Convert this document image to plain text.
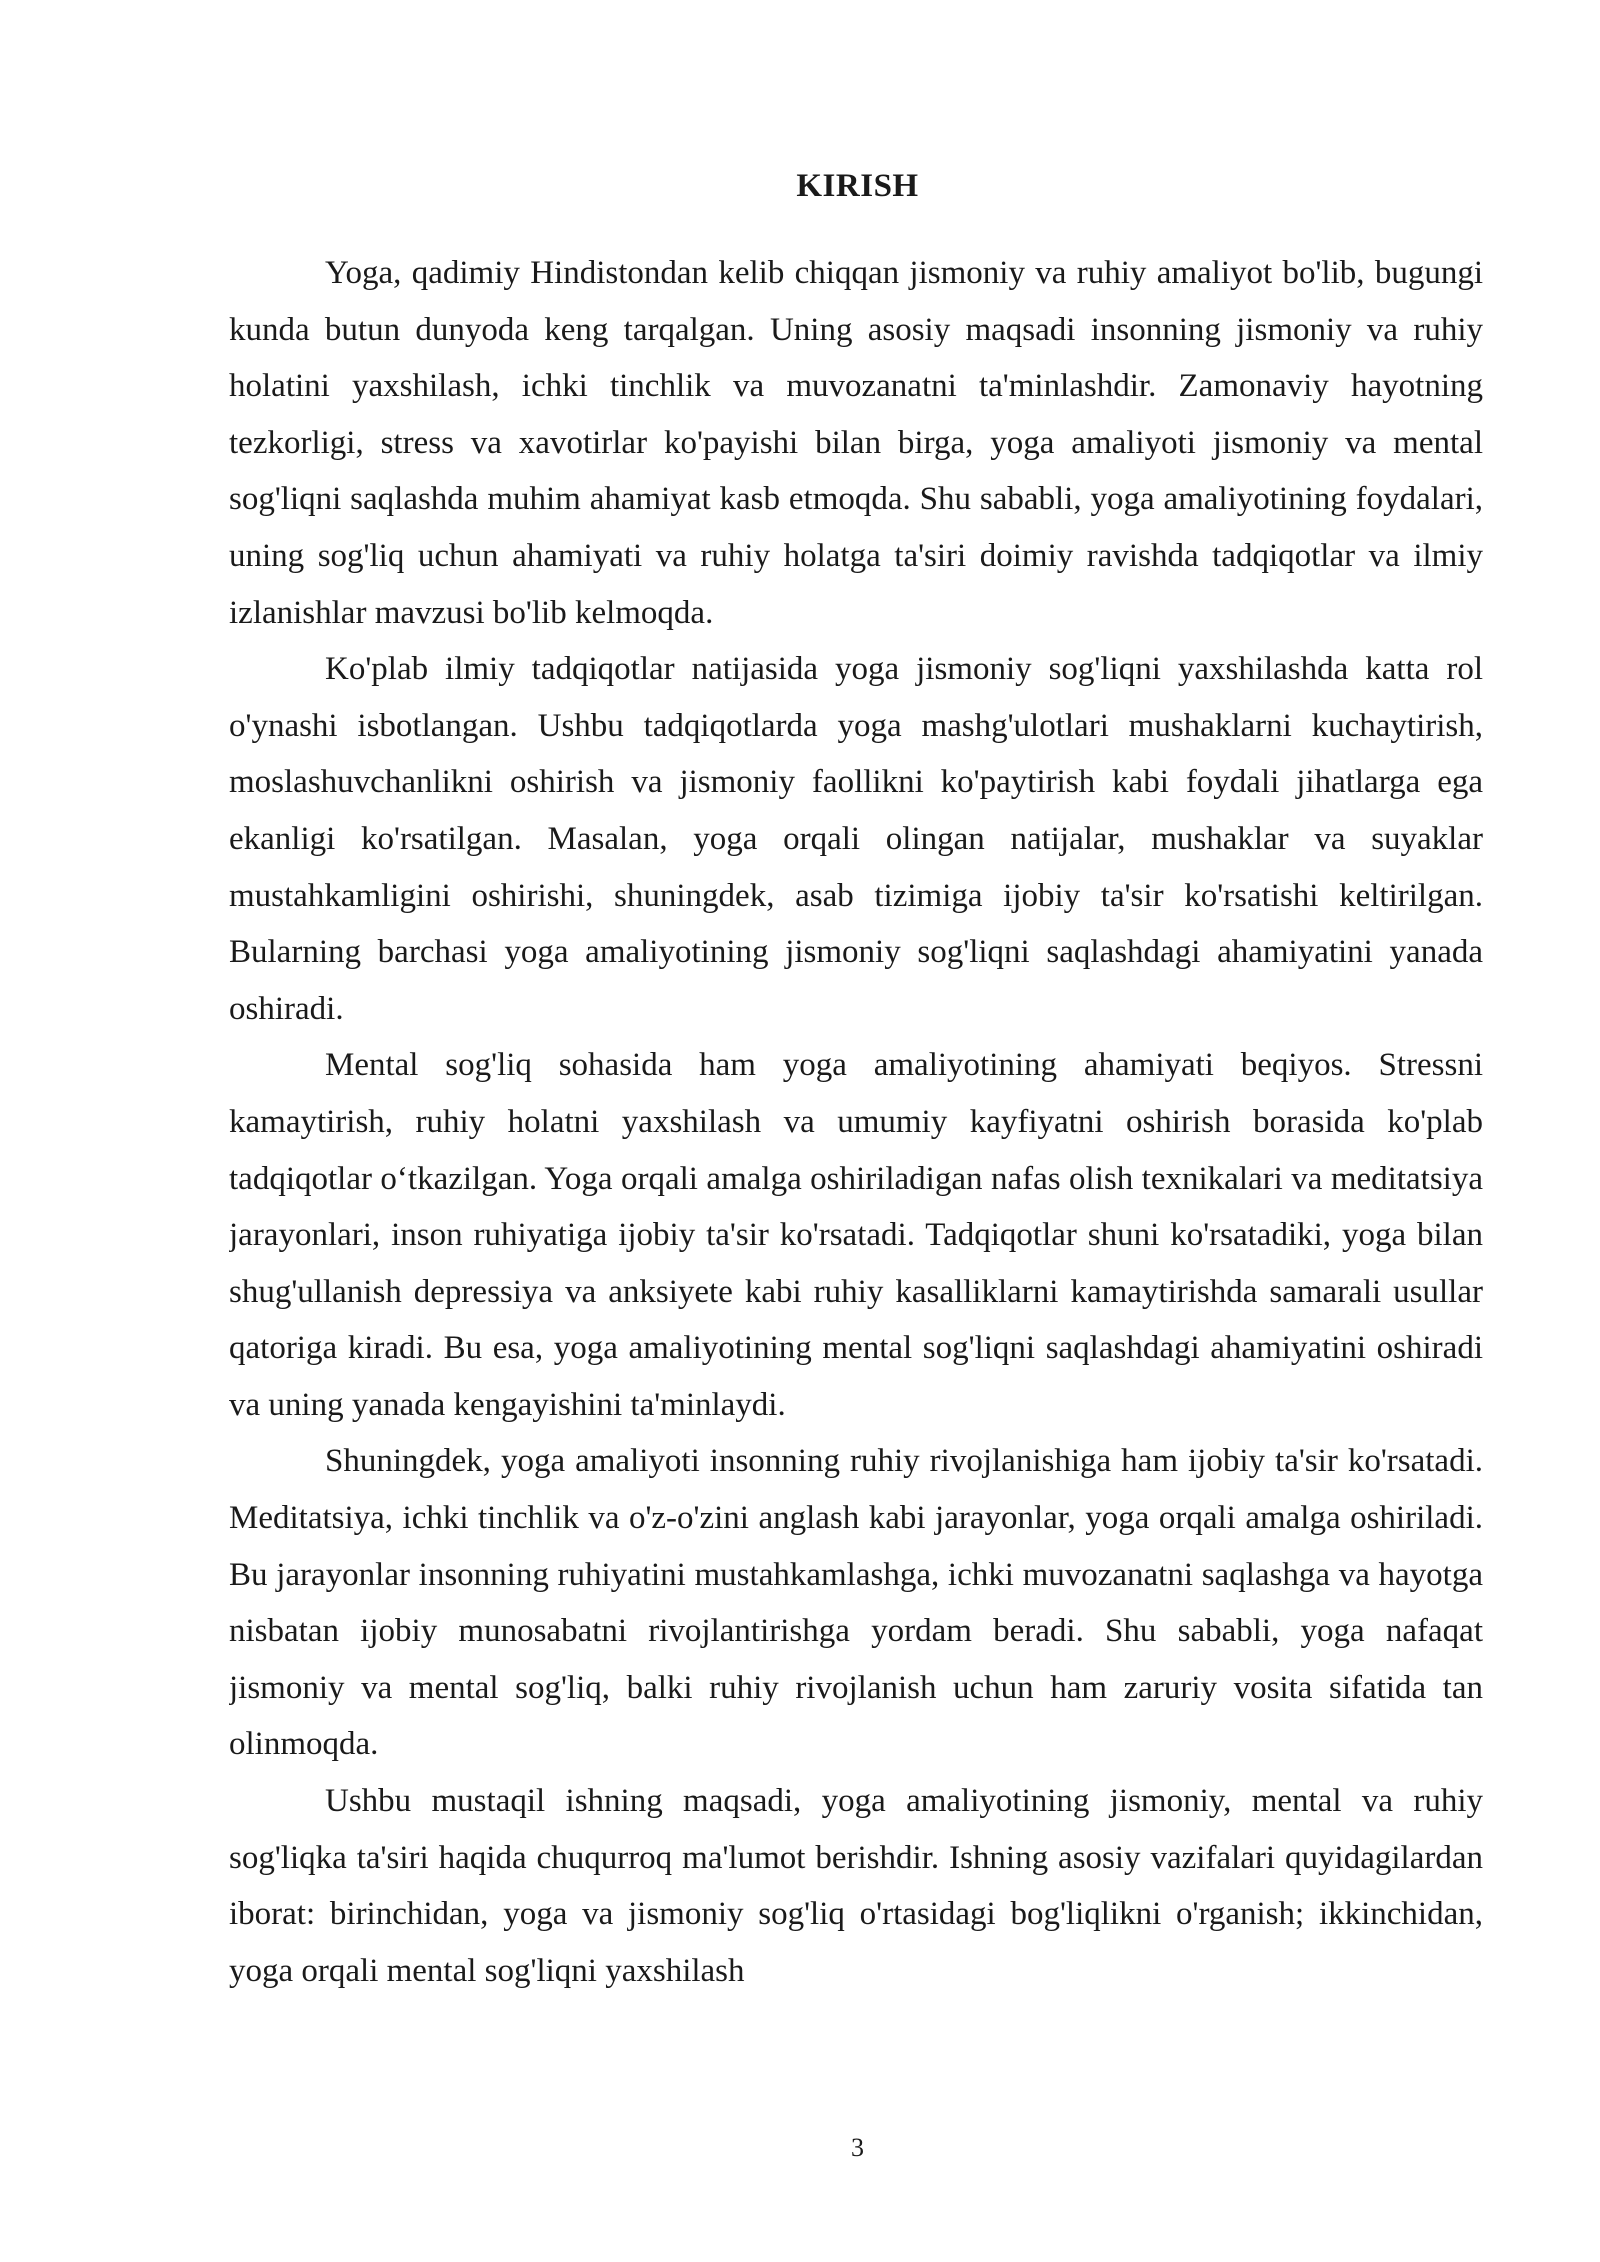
KIRISH

Yoga, qadimiy Hindistondan kelib chiqqan jismoniy va ruhiy amaliyot bo'lib, bugungi kunda butun dunyoda keng tarqalgan. Uning asosiy maqsadi insonning jismoniy va ruhiy holatini yaxshilash, ichki tinchlik va muvozanatni ta'minlashdir. Zamonaviy hayotning tezkorligi, stress va xavotirlar ko'payishi bilan birga, yoga amaliyoti jismoniy va mental sog'liqni saqlashda muhim ahamiyat kasb etmoqda. Shu sababli, yoga amaliyotining foydalari, uning sog'liq uchun ahamiyati va ruhiy holatga ta'siri doimiy ravishda tadqiqotlar va ilmiy izlanishlar mavzusi bo'lib kelmoqda.

Ko'plab ilmiy tadqiqotlar natijasida yoga jismoniy sog'liqni yaxshilashda katta rol o'ynashi isbotlangan. Ushbu tadqiqotlarda yoga mashg'ulotlari mushaklarni kuchaytirish, moslashuvchanlikni oshirish va jismoniy faollikni ko'paytirish kabi foydali jihatlarga ega ekanligi ko'rsatilgan. Masalan, yoga orqali olingan natijalar, mushaklar va suyaklar mustahkamligini oshirishi, shuningdek, asab tizimiga ijobiy ta'sir ko'rsatishi keltirilgan. Bularning barchasi yoga amaliyotining jismoniy sog'liqni saqlashdagi ahamiyatini yanada oshiradi.

Mental sog'liq sohasida ham yoga amaliyotining ahamiyati beqiyos. Stressni kamaytirish, ruhiy holatni yaxshilash va umumiy kayfiyatni oshirish borasida ko'plab tadqiqotlar o‘tkazilgan. Yoga orqali amalga oshiriladigan nafas olish texnikalari va meditatsiya jarayonlari, inson ruhiyatiga ijobiy ta'sir ko'rsatadi. Tadqiqotlar shuni ko'rsatadiki, yoga bilan shug'ullanish depressiya va anksiyete kabi ruhiy kasalliklarni kamaytirishda samarali usullar qatoriga kiradi. Bu esa, yoga amaliyotining mental sog'liqni saqlashdagi ahamiyatini oshiradi va uning yanada kengayishini ta'minlaydi.

Shuningdek, yoga amaliyoti insonning ruhiy rivojlanishiga ham ijobiy ta'sir ko'rsatadi. Meditatsiya, ichki tinchlik va o'z-o'zini anglash kabi jarayonlar, yoga orqali amalga oshiriladi. Bu jarayonlar insonning ruhiyatini mustahkamlashga, ichki muvozanatni saqlashga va hayotga nisbatan ijobiy munosabatni rivojlantirishga yordam beradi. Shu sababli, yoga nafaqat jismoniy va mental sog'liq, balki ruhiy rivojlanish uchun ham zaruriy vosita sifatida tan olinmoqda.

Ushbu mustaqil ishning maqsadi, yoga amaliyotining jismoniy, mental va ruhiy sog'liqka ta'siri haqida chuqurroq ma'lumot berishdir. Ishning asosiy vazifalari quyidagilardan iborat: birinchidan, yoga va jismoniy sog'liq o'rtasidagi bog'liqlikni o'rganish; ikkinchidan, yoga orqali mental sog'liqni yaxshilash

3
